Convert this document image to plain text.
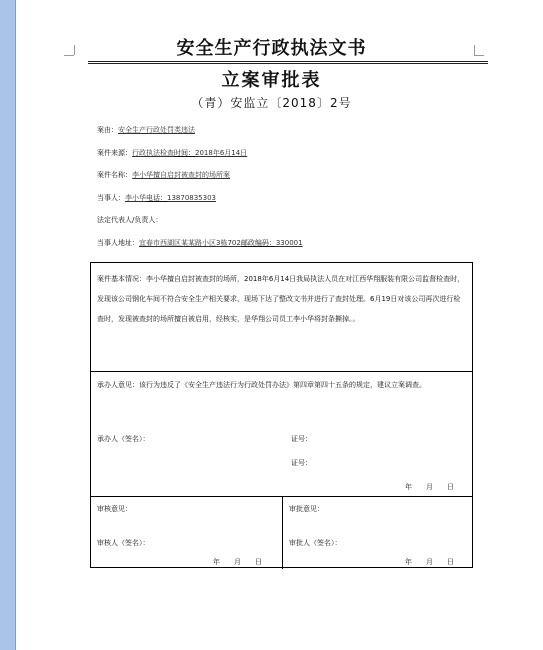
安全生产行政执法文书
立案审批表
（青）安监立〔2018〕2号
案由：安全生产行政处罚类违法
案件来源：行政执法检查时间：2018年6月14日
案件名称：李小华擅自启封被查封的场所案
当事人：李小华电话：13870835303
法定代表人/负责人：
当事人地址：宜春市西湖区某某路小区3栋702邮政编码：330001
案件基本情况：李小华擅自启封被查封的场所，2018年6月14日我局执法人员在对江西华翔服装有限公司监督检查时，发现该公司钢化车间不符合安全生产相关要求，现场下达了整改文书并进行了查封处理。6月19日对该公司再次进行检查时，发现被查封的场所擅自被启用，经核实，是华翔公司员工李小华将封条撕掉。。
承办人意见：该行为违反了《安全生产违法行为行政处罚办法》第四章第四十五条的规定，建议立案调查。
承办人（签名）：	证号：
证号：
年　　月　　日
审核意见：
审核人（签名）：
年　　月　　日
审批意见：
审批人（签名）：
年　　月　　日
